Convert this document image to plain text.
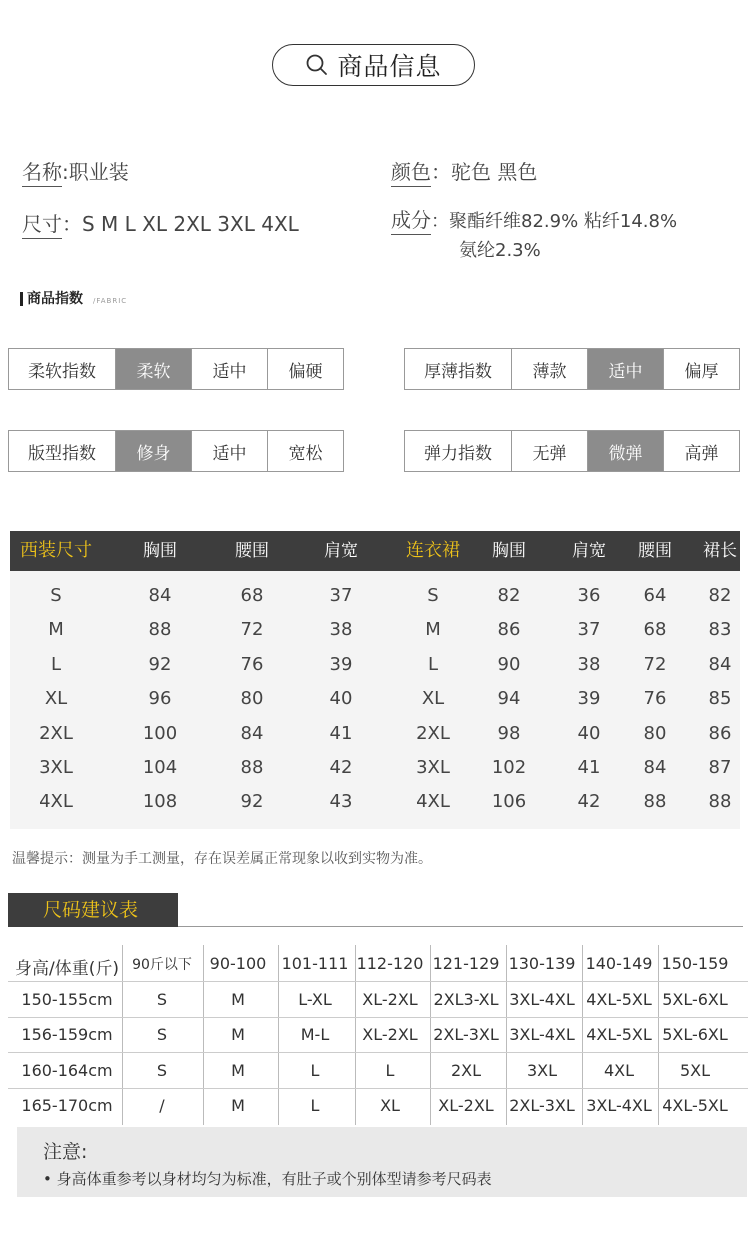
商品信息
名称:职业装
尺寸：S M L XL 2XL 3XL 4XL
颜色：驼色 黑色
成分：聚酯纤维82.9% 粘纤14.8%
氨纶2.3%
商品指数 /FABRIC
柔软指数	柔软	适中	偏硬	厚薄指数	薄款	适中	偏厚
版型指数	修身	适中	宽松	弹力指数	无弹	微弹	高弹
西装尺寸	胸围	腰围	肩宽	连衣裙 胸围	肩宽 腰围 裙长
S	84	68	37	S	82	36 64 82
M	88	72	38	M	86	37 68 83
L	92	76	39	L	90	38 72 84
XL	96	80	40	XL	94	39 76 85
2XL	100	84	41	2XL	98	40 80 86
3XL	104	88	42	3XL 102	41 84 87
4XL	108	92	43	4XL 106	42 88 88
温馨提示：测量为手工测量，存在误差属正常现象以收到实物为准。
尺码建议表
身高/体重(斤) 90斤以下 90-100 101-111 112-120 121-129 130-139 140-149 150-159
150-155cm	S	M	L-XL XL-2XL 2XL3-XL 3XL-4XL 4XL-5XL 5XL-6XL
156-159cm	S	M	M-L XL-2XL 2XL-3XL 3XL-4XL 4XL-5XL 5XL-6XL
160-164cm	S	M	L	L	2XL	3XL	4XL	5XL
165-170cm	/	M	L	XL XL-2XL 2XL-3XL 3XL-4XL 4XL-5XL
注意:
• 身高体重参考以身材均匀为标准，有肚子或个别体型请参考尺码表
